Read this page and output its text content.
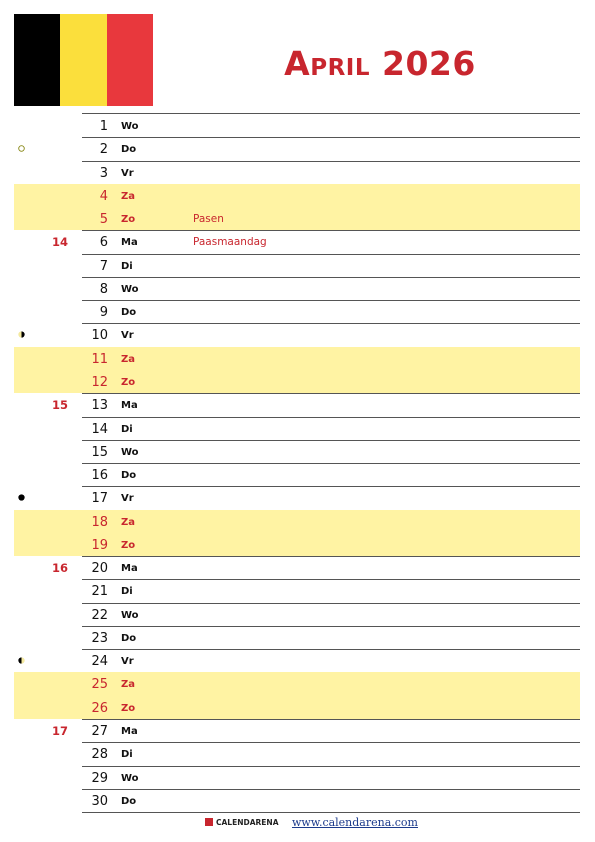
April 2026
1 Wo
2 Do
3 Vr
4 Za
5 Zo	Pasen
14	6 Ma	Paasmaandag
7 Di
8 Wo
9 Do
10 Vr
11 Za
12 Zo
15	13 Ma
14 Di
15 Wo
16 Do
17 Vr
18 Za
19 Zo
16	20 Ma
21 Di
22 Wo
23 Do
24 Vr
25 Za
26 Zo
17	27 Ma
28 Di
29 Wo
30 Do
CALENDARENA www.calendarena.com
